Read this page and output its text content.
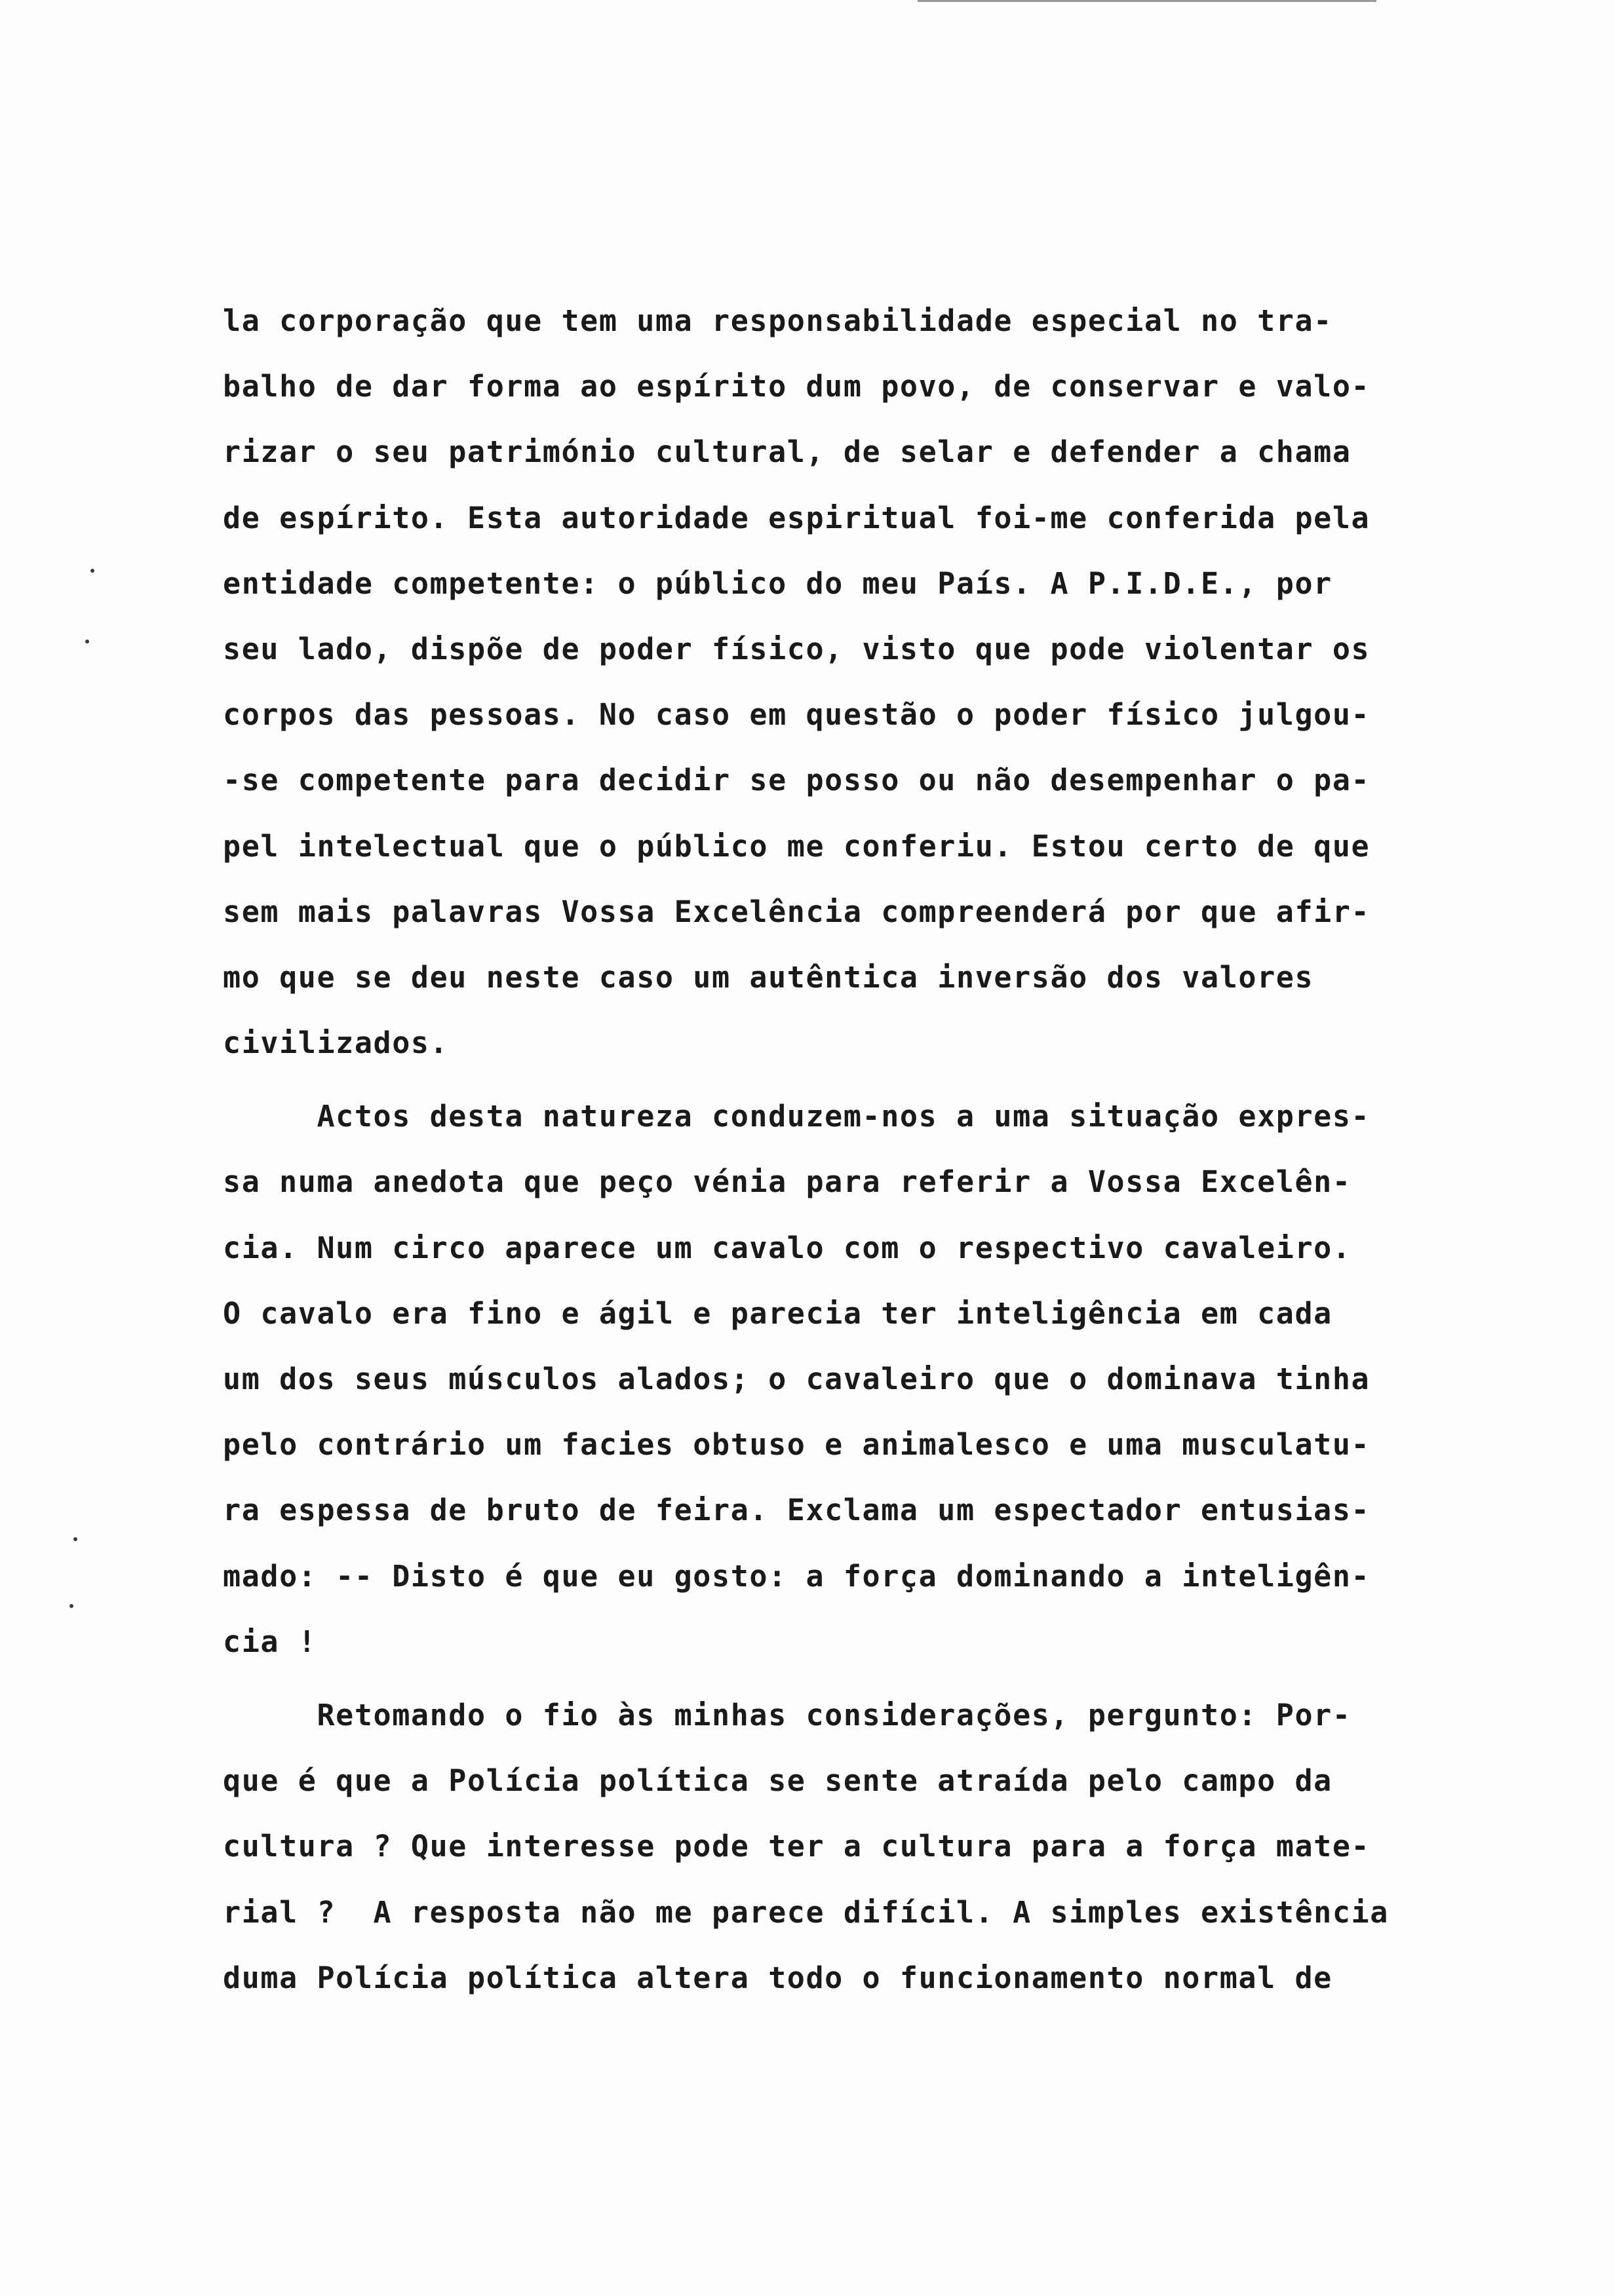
la corporação que tem uma responsabilidade especial no tra-
balho de dar forma ao espírito dum povo, de conservar e valo-
rizar o seu património cultural, de selar e defender a chama
de espírito. Esta autoridade espiritual foi-me conferida pela
entidade competente: o público do meu País. A P.I.D.E., por
seu lado, dispõe de poder físico, visto que pode violentar os
corpos das pessoas. No caso em questão o poder físico julgou-
-se competente para decidir se posso ou não desempenhar o pa-
pel intelectual que o público me conferiu. Estou certo de que
sem mais palavras Vossa Excelência compreenderá por que afir-
mo que se deu neste caso um autêntica inversão dos valores
civilizados.
Actos desta natureza conduzem-nos a uma situação expres-
sa numa anedota que peço vénia para referir a Vossa Excelên-
cia. Num circo aparece um cavalo com o respectivo cavaleiro.
O cavalo era fino e ágil e parecia ter inteligência em cada
um dos seus músculos alados; o cavaleiro que o dominava tinha
pelo contrário um facies obtuso e animalesco e uma musculatu-
ra espessa de bruto de feira. Exclama um espectador entusias-
mado: -- Disto é que eu gosto: a força dominando a inteligên-
cia !
Retomando o fio às minhas considerações, pergunto: Por-
que é que a Polícia política se sente atraída pelo campo da
cultura ? Que interesse pode ter a cultura para a força mate-
rial ?  A resposta não me parece difícil. A simples existência
duma Polícia política altera todo o funcionamento normal de
